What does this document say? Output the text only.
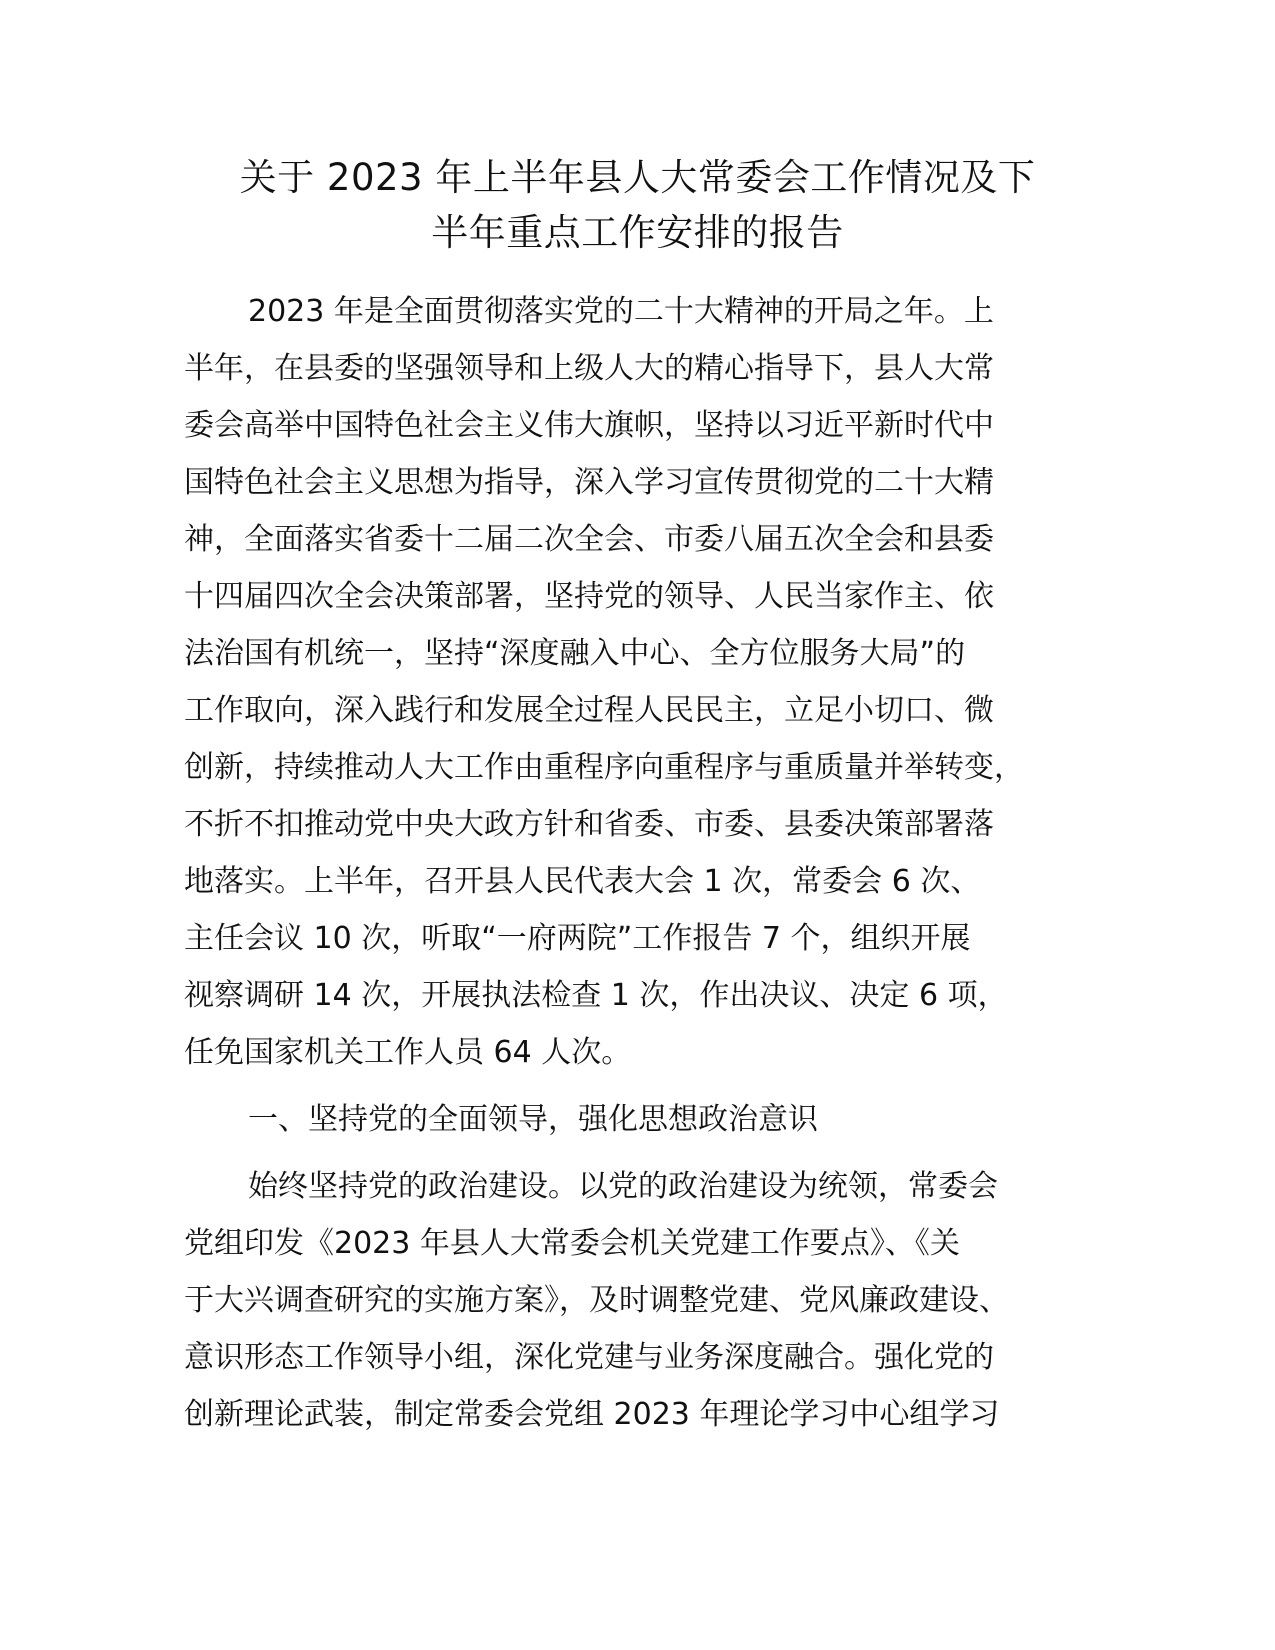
关于 2023 年上半年县人大常委会工作情况及下
半年重点工作安排的报告
2023 年是全面贯彻落实党的二十大精神的开局之年。上
半年，在县委的坚强领导和上级人大的精心指导下，县人大常
委会高举中国特色社会主义伟大旗帜，坚持以习近平新时代中
国特色社会主义思想为指导，深入学习宣传贯彻党的二十大精
神，全面落实省委十二届二次全会、市委八届五次全会和县委
十四届四次全会决策部署，坚持党的领导、人民当家作主、依
法治国有机统一，坚持“深度融入中心、全方位服务大局”的
工作取向，深入践行和发展全过程人民民主，立足小切口、微
创新，持续推动人大工作由重程序向重程序与重质量并举转变，
不折不扣推动党中央大政方针和省委、市委、县委决策部署落
地落实。上半年，召开县人民代表大会 1 次，常委会 6 次、
主任会议 10 次，听取“一府两院”工作报告 7 个，组织开展
视察调研 14 次，开展执法检查 1 次，作出决议、决定 6 项，
任免国家机关工作人员 64 人次。
一、坚持党的全面领导，强化思想政治意识
始终坚持党的政治建设。以党的政治建设为统领，常委会
党组印发《2023 年县人大常委会机关党建工作要点》、《关
于大兴调查研究的实施方案》，及时调整党建、党风廉政建设、
意识形态工作领导小组，深化党建与业务深度融合。强化党的
创新理论武装，制定常委会党组 2023 年理论学习中心组学习
